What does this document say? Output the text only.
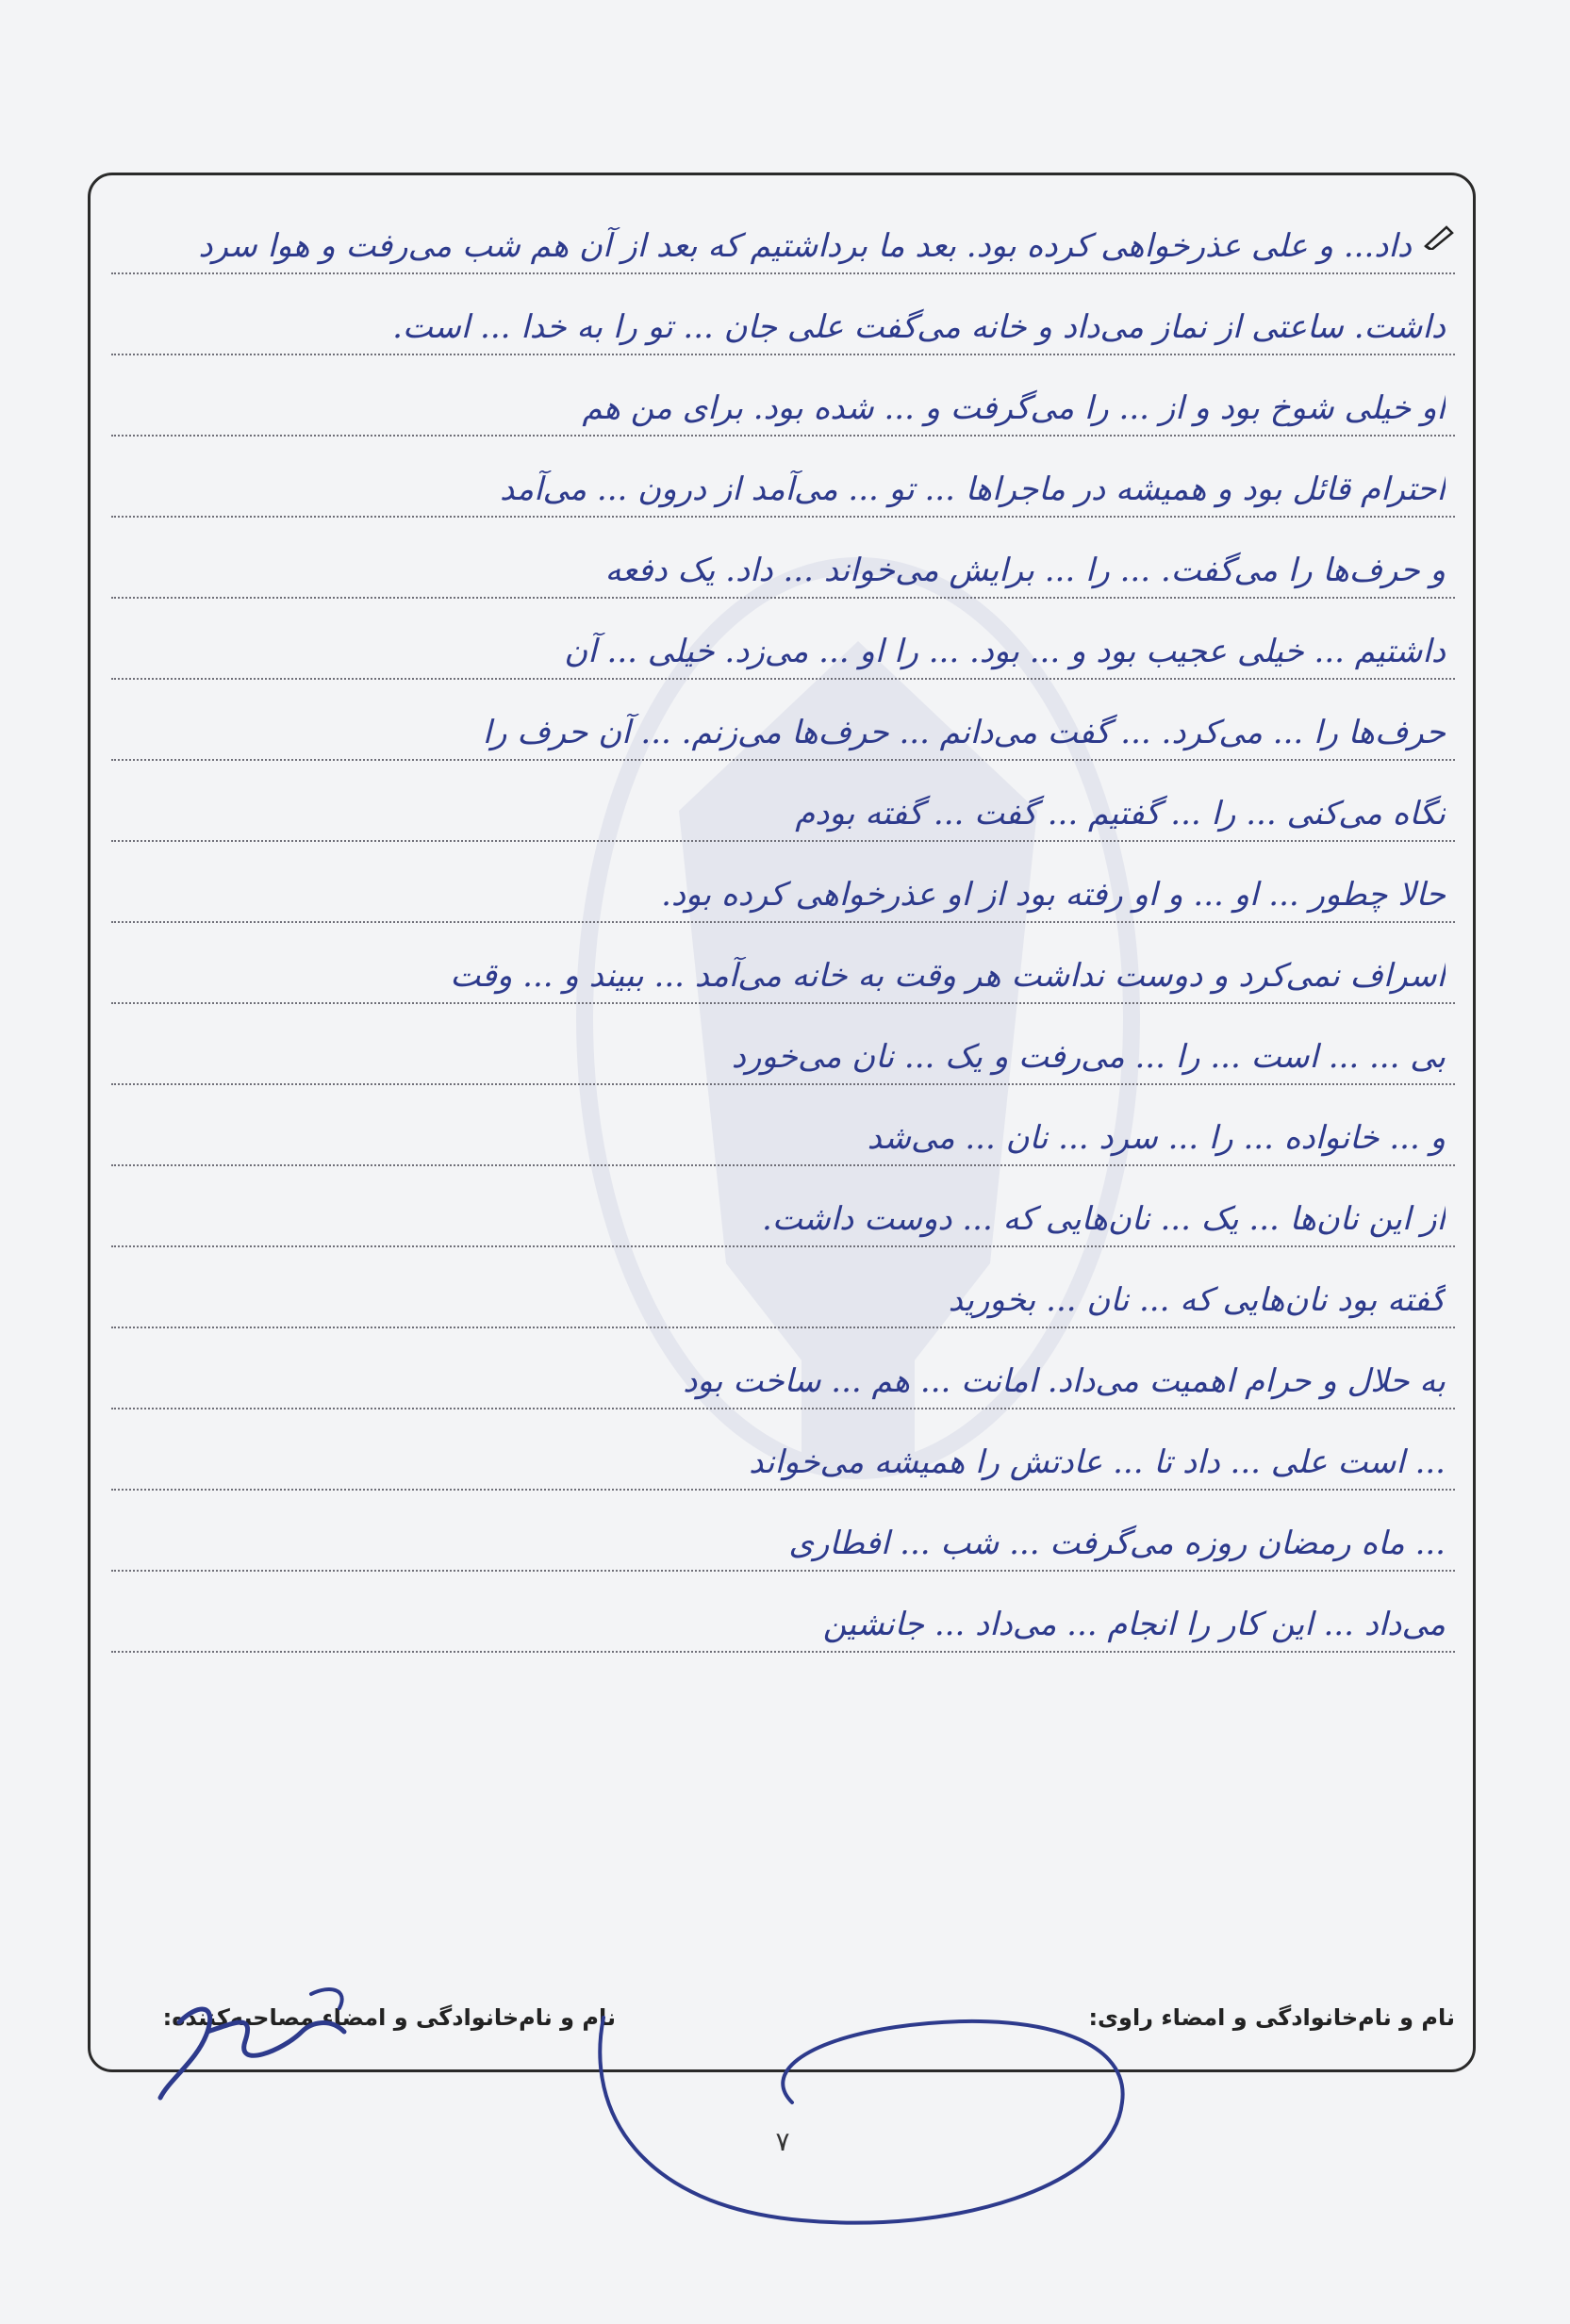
داد... و علی عذرخواهی کرده بود. بعد ما برداشتیم که بعد از آن هم شب می‌رفت و هوا سرد
داشت. ساعتی از نماز می‌داد و خانه می‌گفت علی جان ... تو را به خدا ... است.
او خیلی شوخ بود و از ... را می‌گرفت و ... شده بود. برای من هم
احترام قائل بود و همیشه در ماجراها ... تو ... می‌آمد از درون ... می‌آمد
و حرف‌ها را می‌گفت. ... را ... برایش می‌خواند ... داد. یک دفعه
داشتیم ... خیلی عجیب بود و ... بود. ... را او ... می‌زد. خیلی ... آن
حرف‌ها را ... می‌کرد. ... گفت می‌دانم ... حرف‌ها می‌زنم. ... آن حرف را
نگاه می‌کنی ... را ... گفتیم ... گفت ... گفته بودم
حالا چطور ... او ... و او رفته بود از او عذرخواهی کرده بود.
اسراف نمی‌کرد و دوست نداشت هر وقت به خانه می‌آمد ... ببیند و ... وقت
بی‌ ... ... است ... را ... می‌رفت و یک ... نان می‌خورد
و ... خانواده ... را ... سرد ... نان ... می‌شد
از این نان‌ها ... یک ... نان‌هایی که ... دوست داشت.
گفته بود نان‌هایی که ... نان ... بخورید
به حلال و حرام اهمیت می‌داد. امانت ... هم ... ساخت بود
... است علی ... داد تا ... عادتش را همیشه می‌خواند
... ماه رمضان روزه می‌گرفت ... شب ... افطاری
می‌داد ... این کار را انجام ... می‌داد ... جانشین
نام و نام‌خانوادگی و امضاء راوی:
نام و نام‌خانوادگی و امضاء مصاحبه‌کننده:
۷
